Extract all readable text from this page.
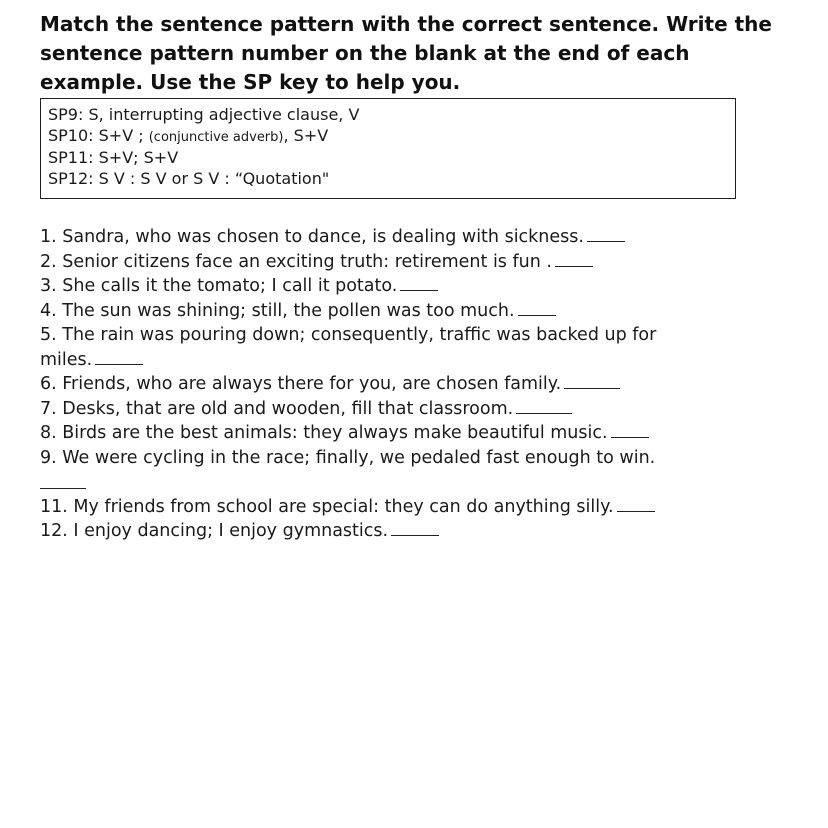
Match the sentence pattern with the correct sentence. Write the sentence pattern number on the blank at the end of each example. Use the SP key to help you.
SP9: S, interrupting adjective clause, V
SP10: S+V ; (conjunctive adverb), S+V
SP11: S+V; S+V
SP12: S V : S V or S V : “Quotation"
1. Sandra, who was chosen to dance, is dealing with sickness.
2. Senior citizens face an exciting truth: retirement is fun .
3. She calls it the tomato; I call it potato.
4. The sun was shining; still, the pollen was too much.
5. The rain was pouring down; consequently, traffic was backed up for
miles.
6. Friends, who are always there for you, are chosen family.
7. Desks, that are old and wooden, fill that classroom.
8. Birds are the best animals: they always make beautiful music.
9. We were cycling in the race; finally, we pedaled fast enough to win.
11. My friends from school are special: they can do anything silly.
12. I enjoy dancing; I enjoy gymnastics.
